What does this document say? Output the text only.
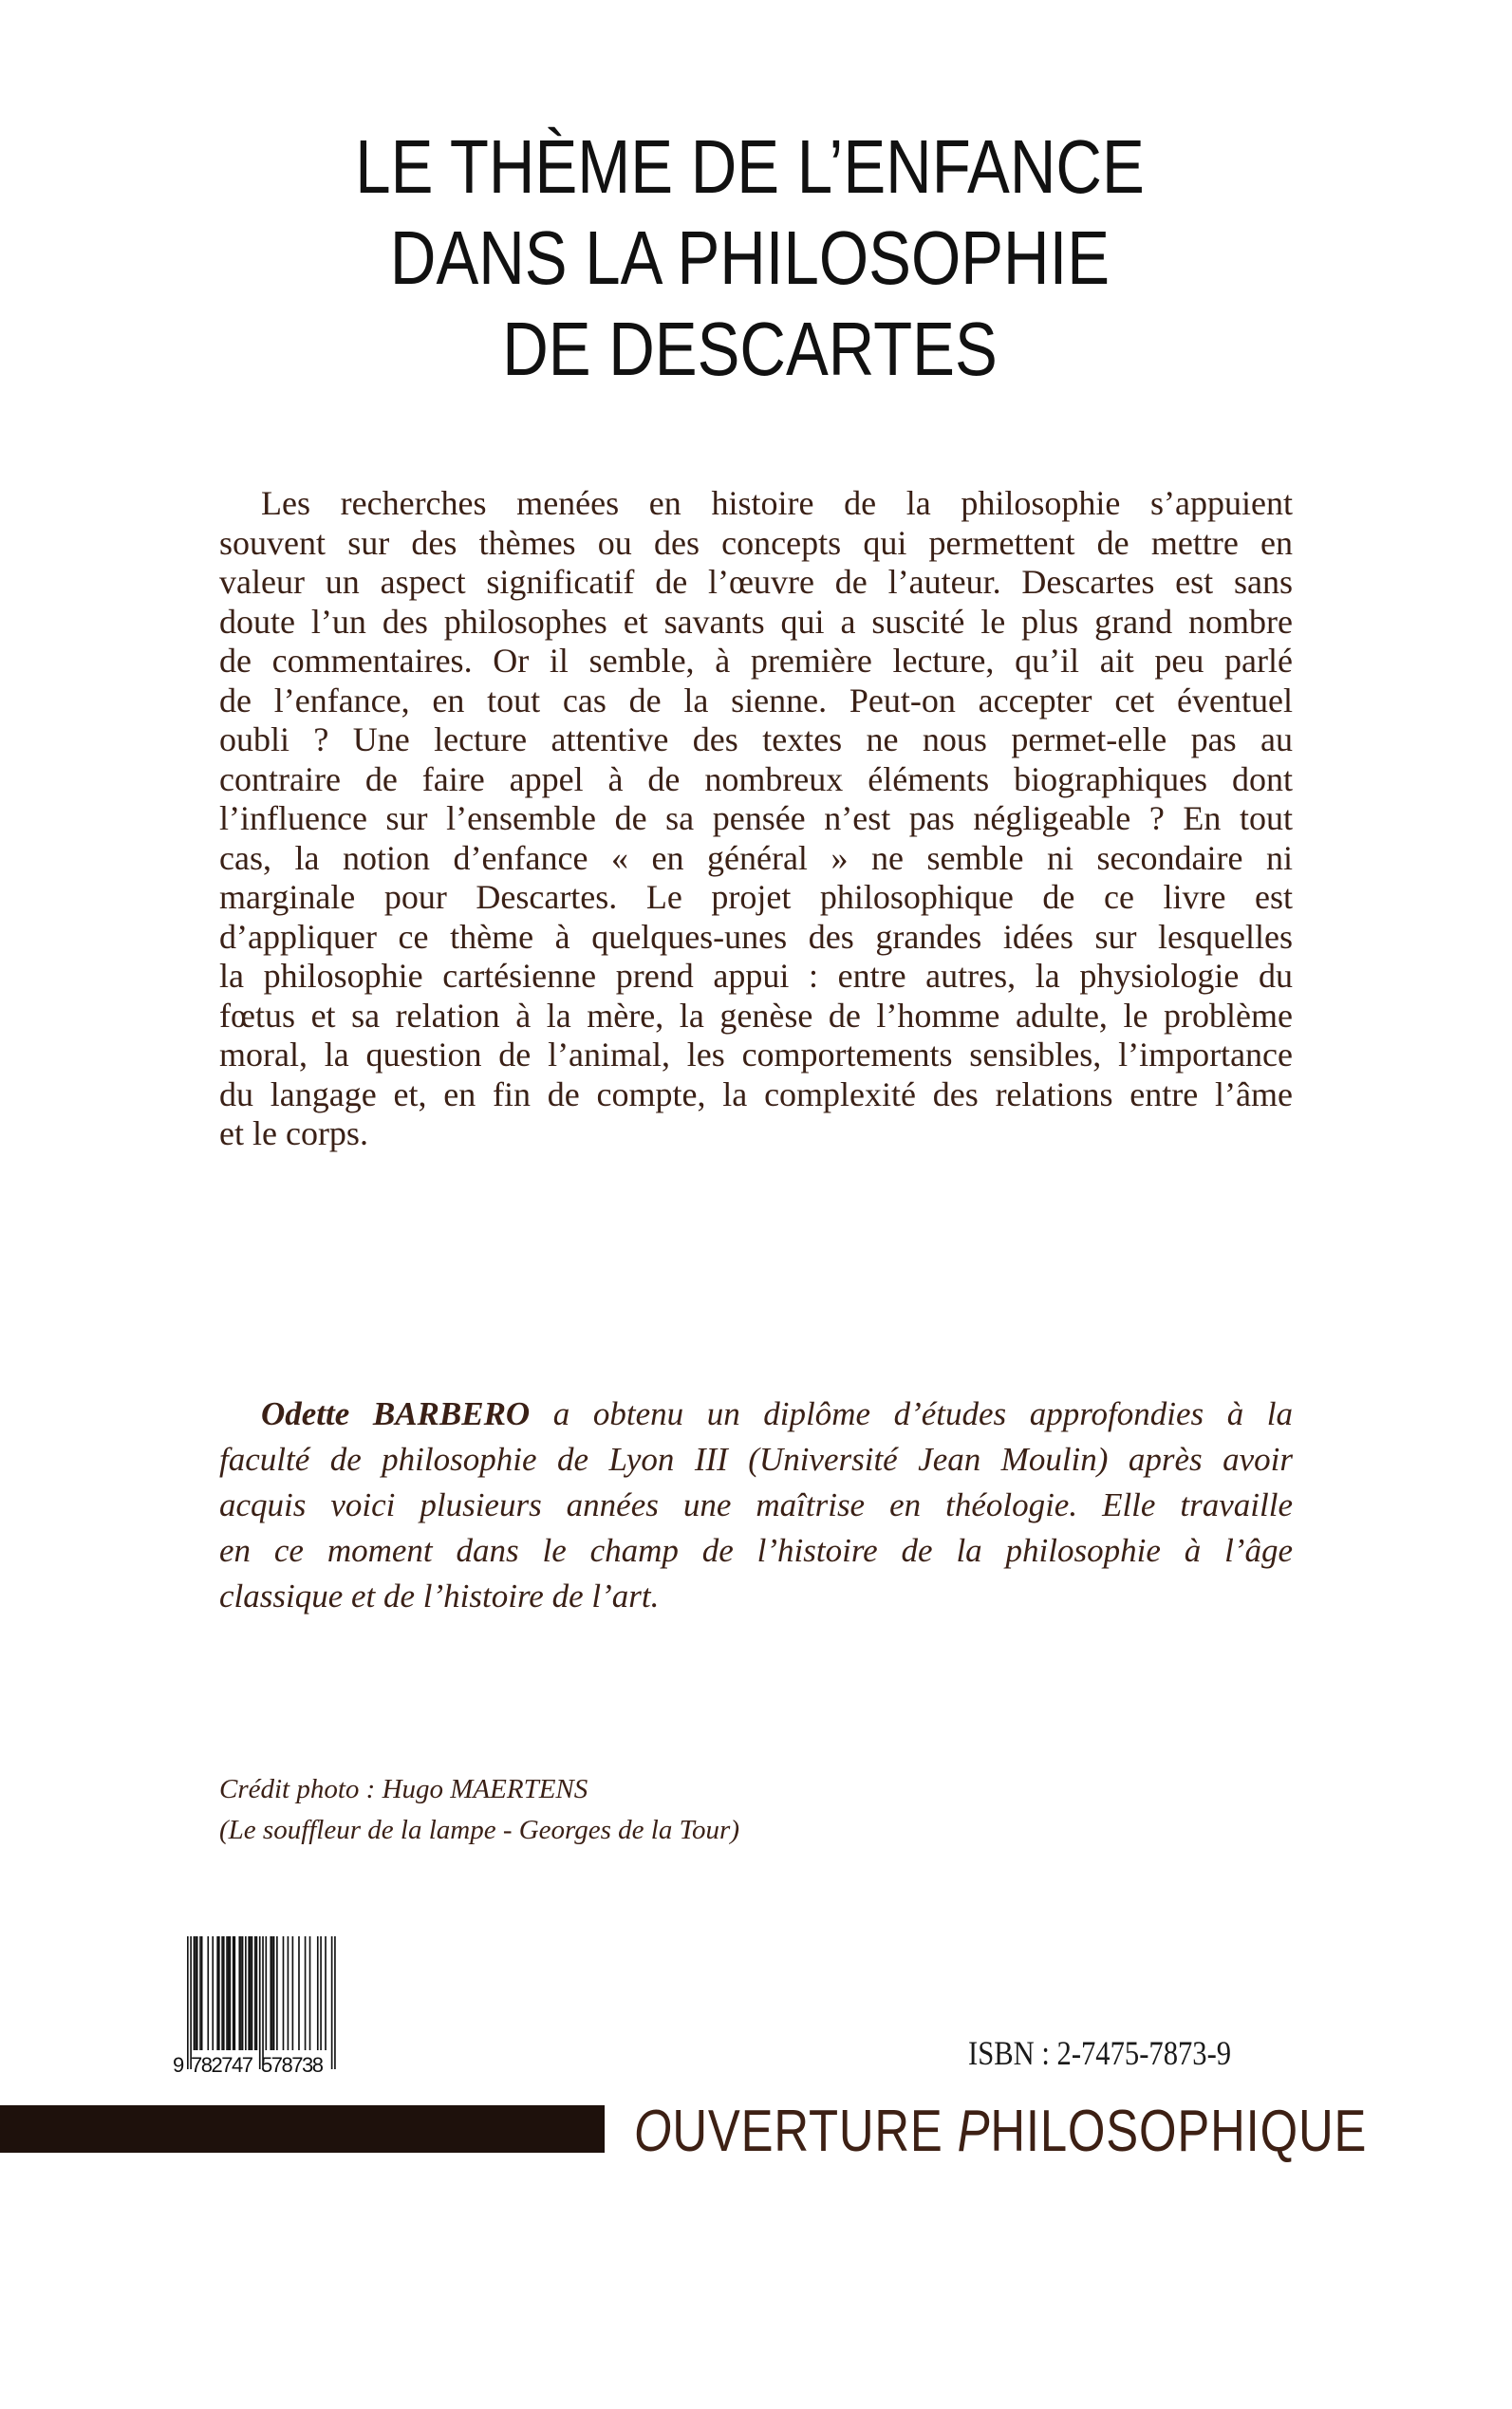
LE THÈME DE L’ENFANCE
DANS LA PHILOSOPHIE
DE DESCARTES
Les recherches menées en histoire de la philosophie s’appuient
souvent sur des thèmes ou des concepts qui permettent de mettre en
valeur un aspect significatif de l’œuvre de l’auteur. Descartes est sans
doute l’un des philosophes et savants qui a suscité le plus grand nombre
de commentaires. Or il semble, à première lecture, qu’il ait peu parlé
de l’enfance, en tout cas de la sienne. Peut-on accepter cet éventuel
oubli ? Une lecture attentive des textes ne nous permet-elle pas au
contraire de faire appel à de nombreux éléments biographiques dont
l’influence sur l’ensemble de sa pensée n’est pas négligeable ? En tout
cas, la notion d’enfance « en général » ne semble ni secondaire ni
marginale pour Descartes. Le projet philosophique de ce livre est
d’appliquer ce thème à quelques-unes des grandes idées sur lesquelles
la philosophie cartésienne prend appui : entre autres, la physiologie du
fœtus et sa relation à la mère, la genèse de l’homme adulte, le problème
moral, la question de l’animal, les comportements sensibles, l’importance
du langage et, en fin de compte, la complexité des relations entre l’âme
et le corps.
Odette BARBERO a obtenu un diplôme d’études approfondies à la
faculté de philosophie de Lyon III (Université Jean Moulin) après avoir
acquis voici plusieurs années une maîtrise en théologie. Elle travaille
en ce moment dans le champ de l’histoire de la philosophie à l’âge
classique et de l’histoire de l’art.
Crédit photo : Hugo MAERTENS
(Le souffleur de la lampe - Georges de la Tour)
9 782747 578738	ISBN : 2-7475-7873-9
OUVERTURE PHILOSOPHIQUE
